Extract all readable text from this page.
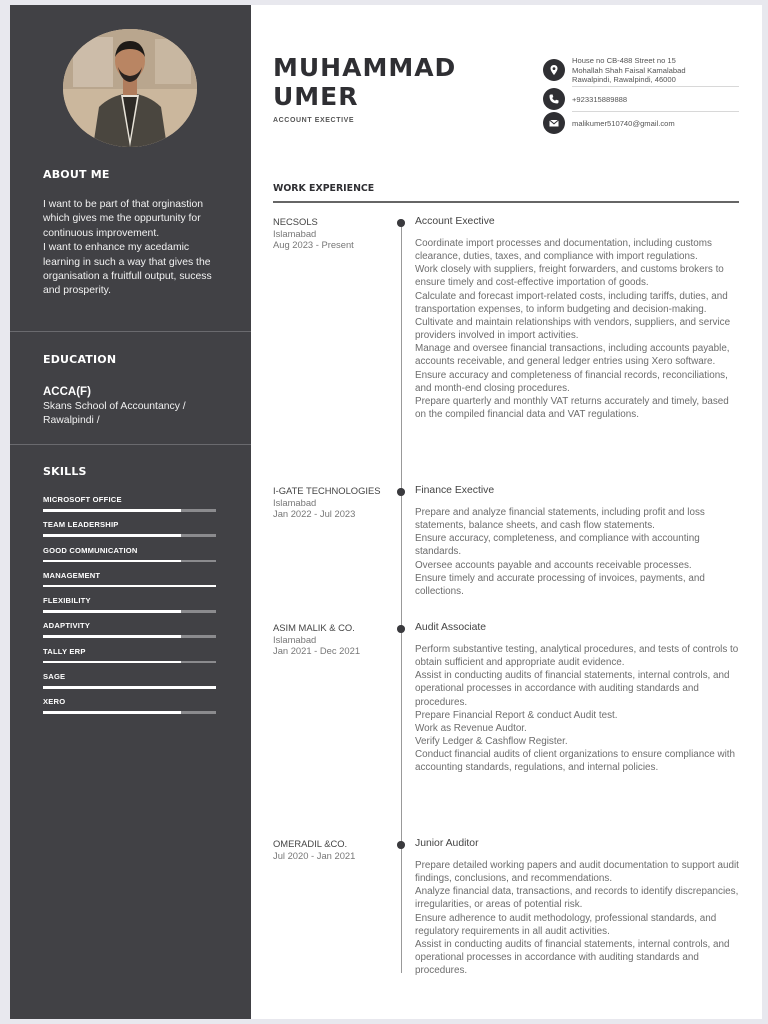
ABOUT ME

I want to be part of that orginastion which gives me the oppurtunity for continuous improvement.

I want to enhance my acedamic learning in such a way that gives the organisation a fruitfull output, sucess and prosperity.

EDUCATION
ACCA(F)
Skans School of Accountancy / Rawalpindi /
SKILLS
MICROSOFT OFFICE
TEAM LEADERSHIP
GOOD COMMUNICATION
MANAGEMENT
FLEXIBILITY
ADAPTIVITY
TALLY ERP
SAGE
XERO
MUHAMMAD
UMER
ACCOUNT EXECTIVE
House no CB-488 Street no 15
Mohallah Shah Faisal Kamalabad
Rawalpindi, Rawalpindi, 46000
+923315889888
malikumer510740@gmail.com
WORK EXPERIENCE
NECSOLS
Islamabad
Aug 2023 - Present
Account Exective

Coordinate import processes and documentation, including customs clearance, duties, taxes, and compliance with import regulations.

Work closely with suppliers, freight forwarders, and customs brokers to ensure timely and cost-effective importation of goods.

Calculate and forecast import-related costs, including tariffs, duties, and transportation expenses, to inform budgeting and decision-making.

Cultivate and maintain relationships with vendors, suppliers, and service providers involved in import activities.

Manage and oversee financial transactions, including accounts payable, accounts receivable, and general ledger entries using Xero software.

Ensure accuracy and completeness of financial records, reconciliations, and month-end closing procedures.

Prepare quarterly and monthly VAT returns accurately and timely, based on the compiled financial data and VAT regulations.

I-GATE TECHNOLOGIES
Islamabad
Jan 2022 - Jul 2023
Finance Exective

Prepare and analyze financial statements, including profit and loss statements, balance sheets, and cash flow statements.

Ensure accuracy, completeness, and compliance with accounting standards.

Oversee accounts payable and accounts receivable processes.

Ensure timely and accurate processing of invoices, payments, and collections.

ASIM MALIK & CO.
Islamabad
Jan 2021 - Dec 2021
Audit Associate

Perform substantive testing, analytical procedures, and tests of controls to obtain sufficient and appropriate audit evidence.

Assist in conducting audits of financial statements, internal controls, and operational processes in accordance with auditing standards and procedures.

Prepare Financial Report & conduct Audit test.

Work as Revenue Audtor.

Verify Ledger & Cashflow Register.

Conduct financial audits of client organizations to ensure compliance with accounting standards, regulations, and internal policies.

OMERADIL &CO.
Jul 2020 - Jan 2021
Junior Auditor

Prepare detailed working papers and audit documentation to support audit findings, conclusions, and recommendations.

Analyze financial data, transactions, and records to identify discrepancies, irregularities, or areas of potential risk.

Ensure adherence to audit methodology, professional standards, and regulatory requirements in all audit activities.

Assist in conducting audits of financial statements, internal controls, and operational processes in accordance with auditing standards and procedures.
